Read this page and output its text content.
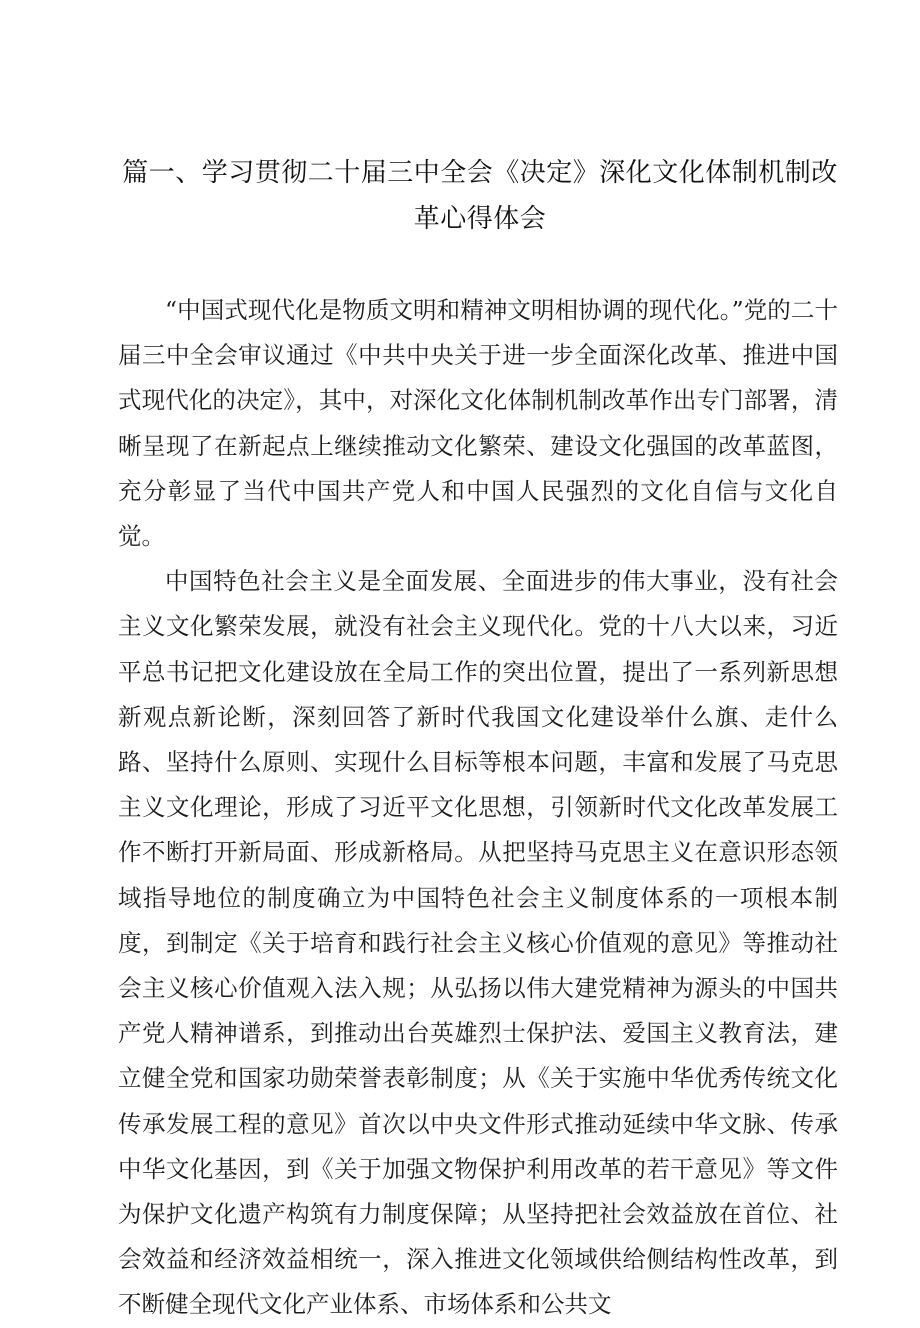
篇一、学习贯彻二十届三中全会《决定》深化文化体制机制改革心得体会

“中国式现代化是物质文明和精神文明相协调的现代化。”党的二十届三中全会审议通过《中共中央关于进一步全面深化改革、推进中国式现代化的决定》，其中，对深化文化体制机制改革作出专门部署，清晰呈现了在新起点上继续推动文化繁荣、建设文化强国的改革蓝图，充分彰显了当代中国共产党人和中国人民强烈的文化自信与文化自觉。

中国特色社会主义是全面发展、全面进步的伟大事业，没有社会主义文化繁荣发展，就没有社会主义现代化。党的十八大以来，习近平总书记把文化建设放在全局工作的突出位置，提出了一系列新思想新观点新论断，深刻回答了新时代我国文化建设举什么旗、走什么路、坚持什么原则、实现什么目标等根本问题，丰富和发展了马克思主义文化理论，形成了习近平文化思想，引领新时代文化改革发展工作不断打开新局面、形成新格局。从把坚持马克思主义在意识形态领域指导地位的制度确立为中国特色社会主义制度体系的一项根本制度，到制定《关于培育和践行社会主义核心价值观的意见》等推动社会主义核心价值观入法入规；从弘扬以伟大建党精神为源头的中国共产党人精神谱系，到推动出台英雄烈士保护法、爱国主义教育法，建立健全党和国家功勋荣誉表彰制度；从《关于实施中华优秀传统文化传承发展工程的意见》首次以中央文件形式推动延续中华文脉、传承中华文化基因，到《关于加强文物保护利用改革的若干意见》等文件为保护文化遗产构筑有力制度保障；从坚持把社会效益放在首位、社会效益和经济效益相统一，深入推进文化领域供给侧结构性改革，到不断健全现代文化产业体系、市场体系和公共文
